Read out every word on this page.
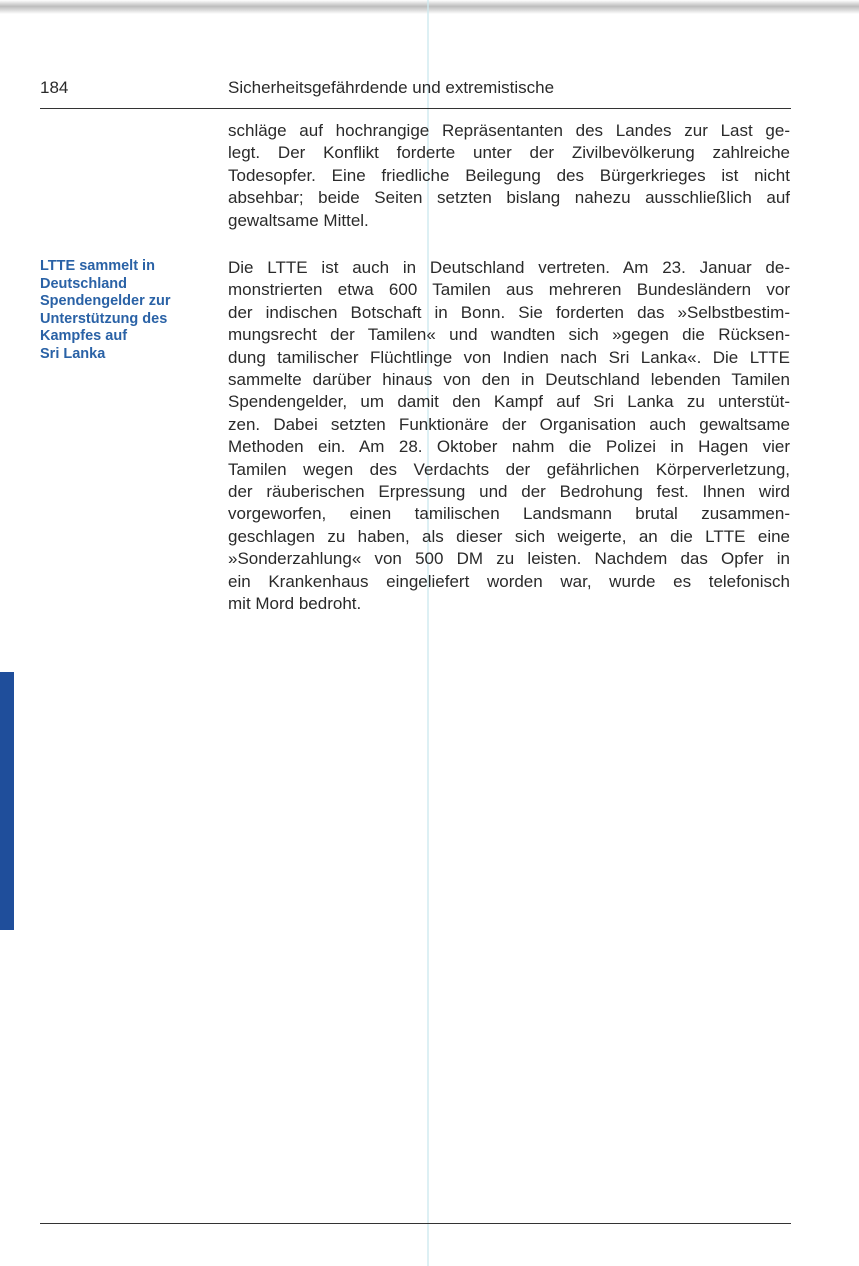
184	Sicherheitsgefährdende und extremistische
schläge auf hochrangige Repräsentanten des Landes zur Last ge-
legt. Der Konflikt forderte unter der Zivilbevölkerung zahlreiche
Todesopfer. Eine friedliche Beilegung des Bürgerkrieges ist nicht
absehbar; beide Seiten setzten bislang nahezu ausschließlich auf
gewaltsame Mittel.
LTTE sammelt in
Deutschland
Spendengelder zur
Unterstützung des
Kampfes auf
Sri Lanka
Die LTTE ist auch in Deutschland vertreten. Am 23. Januar de-
monstrierten etwa 600 Tamilen aus mehreren Bundesländern vor
der indischen Botschaft in Bonn. Sie forderten das »Selbstbestim-
mungsrecht der Tamilen« und wandten sich »gegen die Rücksen-
dung tamilischer Flüchtlinge von Indien nach Sri Lanka«. Die LTTE
sammelte darüber hinaus von den in Deutschland lebenden Tamilen
Spendengelder, um damit den Kampf auf Sri Lanka zu unterstüt-
zen. Dabei setzten Funktionäre der Organisation auch gewaltsame
Methoden ein. Am 28. Oktober nahm die Polizei in Hagen vier
Tamilen wegen des Verdachts der gefährlichen Körperverletzung,
der räuberischen Erpressung und der Bedrohung fest. Ihnen wird
vorgeworfen, einen tamilischen Landsmann brutal zusammen-
geschlagen zu haben, als dieser sich weigerte, an die LTTE eine
»Sonderzahlung« von 500 DM zu leisten. Nachdem das Opfer in
ein Krankenhaus eingeliefert worden war, wurde es telefonisch
mit Mord bedroht.
